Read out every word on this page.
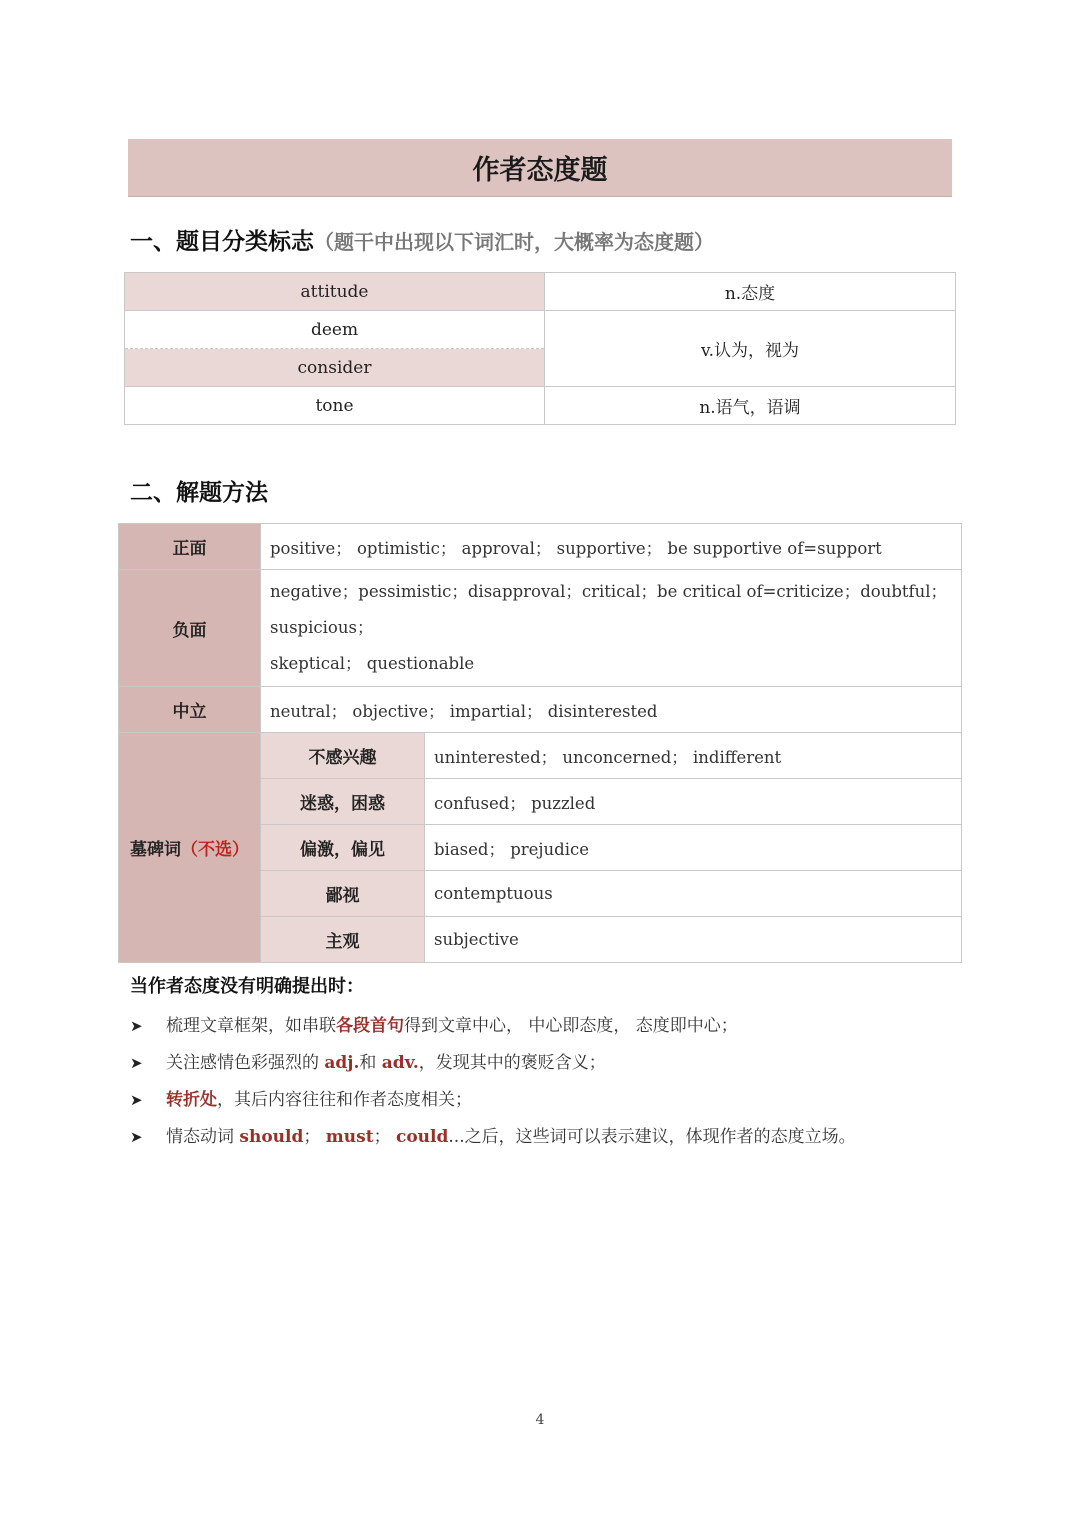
作者态度题
一、题目分类标志（题干中出现以下词汇时，大概率为态度题）
attitude	n.态度
deem	v.认为，视为
consider	
tone	n.语气，语调
二、解题方法
正面	positive； optimistic； approval； supportive； be supportive of=support	
负面	negative；pessimistic；disapproval；critical；be critical of=criticize；doubtful；suspicious；
skeptical； questionable	

中立	neutral； objective； impartial； disinterested	
墓碑词（不选）	不感兴趣	uninterested； unconcerned； indifferent
	迷惑，困惑	confused； puzzled
	偏激，偏见	biased； prejudice
	鄙视	contemptuous
	主观	subjective
当作者态度没有明确提出时：
➤ 梳理文章框架，如串联各段首句得到文章中心， 中心即态度， 态度即中心；
➤ 关注感情色彩强烈的 adj.和 adv.，发现其中的褒贬含义；
➤ 转折处，其后内容往往和作者态度相关；
➤ 情态动词 should； must； could...之后，这些词可以表示建议，体现作者的态度立场。
4
